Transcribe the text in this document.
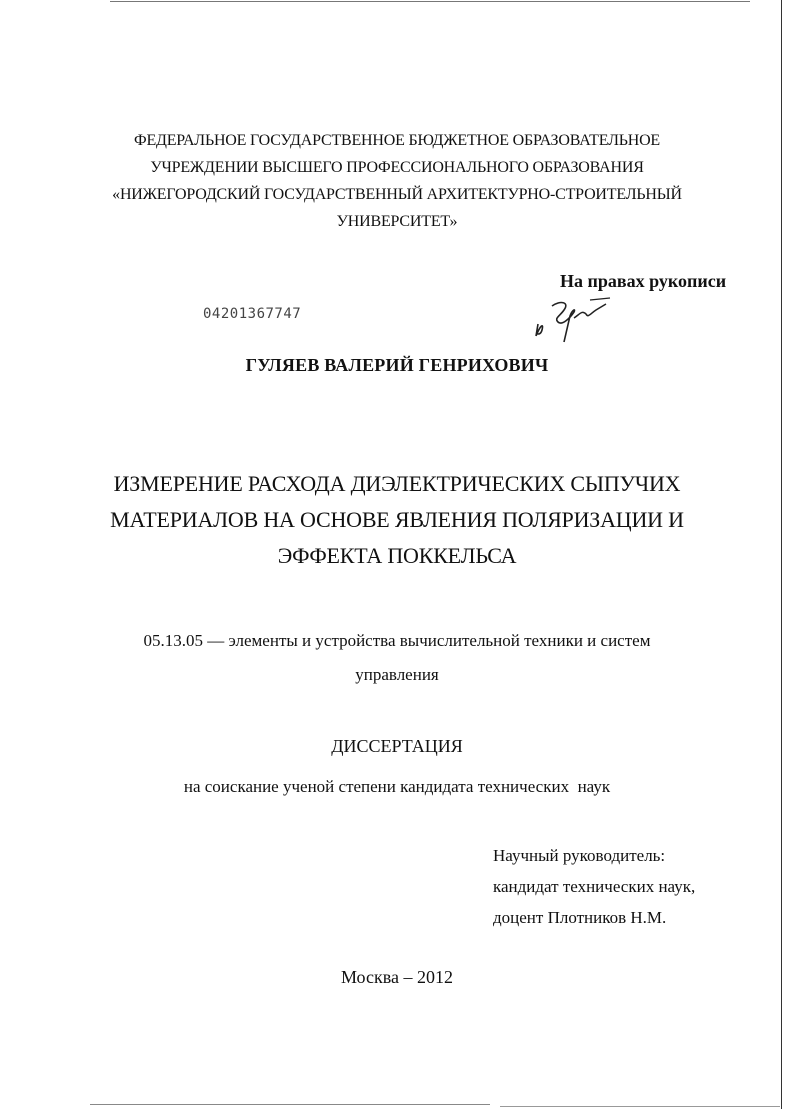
ФЕДЕРАЛЬНОЕ ГОСУДАРСТВЕННОЕ БЮДЖЕТНОЕ ОБРАЗОВАТЕЛЬНОЕ
УЧРЕЖДЕНИИ ВЫСШЕГО ПРОФЕССИОНАЛЬНОГО ОБРАЗОВАНИЯ
«НИЖЕГОРОДСКИЙ ГОСУДАРСТВЕННЫЙ АРХИТЕКТУРНО-СТРОИТЕЛЬНЫЙ
УНИВЕРСИТЕТ»
На правах рукописи
04201367747
ГУЛЯЕВ ВАЛЕРИЙ ГЕНРИХОВИЧ
ИЗМЕРЕНИЕ РАСХОДА ДИЭЛЕКТРИЧЕСКИХ СЫПУЧИХ
МАТЕРИАЛОВ НА ОСНОВЕ ЯВЛЕНИЯ ПОЛЯРИЗАЦИИ И
ЭФФЕКТА ПОККЕЛЬСА
05.13.05 — элементы и устройства вычислительной техники и систем
управления
ДИССЕРТАЦИЯ
на соискание ученой степени кандидата технических  наук
Научный руководитель:
кандидат технических наук,
доцент Плотников Н.М.
Москва – 2012
